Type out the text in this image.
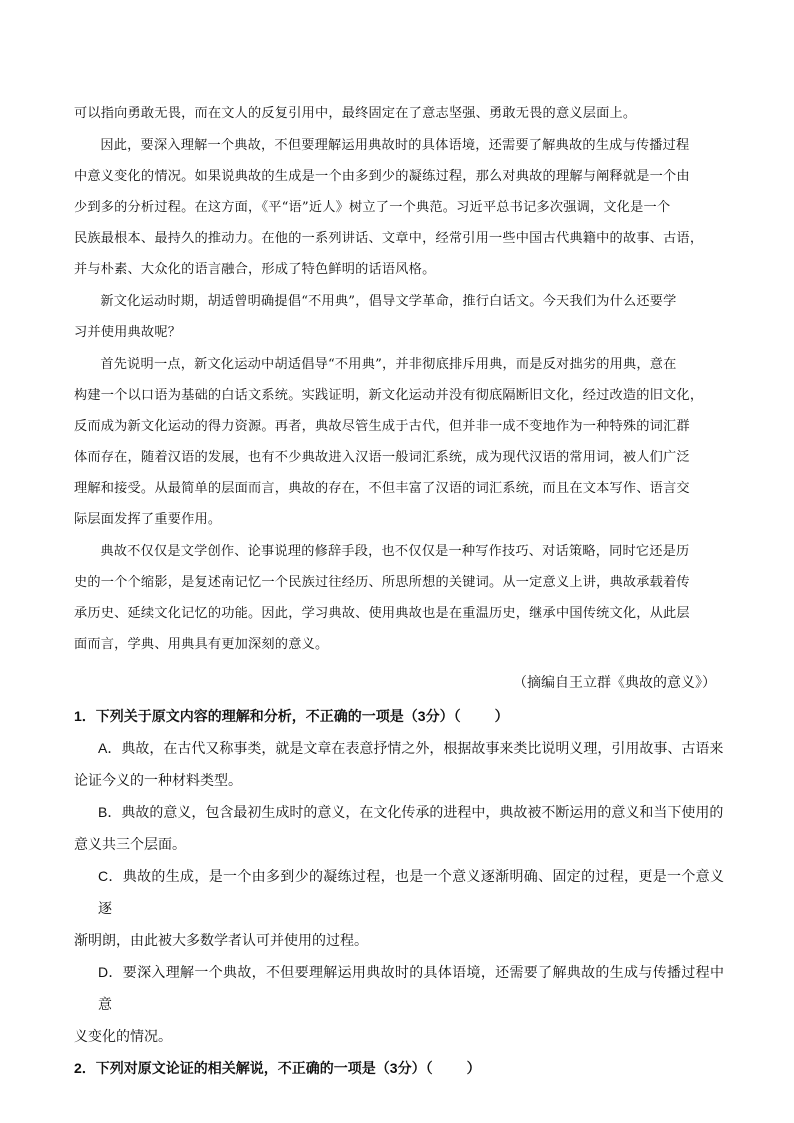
可以指向勇敢无畏，而在文人的反复引用中，最终固定在了意志坚强、勇敢无畏的意义层面上。

因此，要深入理解一个典故，不但要理解运用典故时的具体语境，还需要了解典故的生成与传播过程
中意义变化的情况。如果说典故的生成是一个由多到少的凝练过程，那么对典故的理解与阐释就是一个由
少到多的分析过程。在这方面，《平“语”近人》树立了一个典范。习近平总书记多次强调，文化是一个
民族最根本、最持久的推动力。在他的一系列讲话、文章中，经常引用一些中国古代典籍中的故事、古语，
并与朴素、大众化的语言融合，形成了特色鲜明的话语风格。

新文化运动时期，胡适曾明确提倡“不用典”，倡导文学革命，推行白话文。今天我们为什么还要学
习并使用典故呢？

首先说明一点，新文化运动中胡适倡导“不用典”，并非彻底排斥用典，而是反对拙劣的用典，意在
构建一个以口语为基础的白话文系统。实践证明，新文化运动并没有彻底隔断旧文化，经过改造的旧文化，
反而成为新文化运动的得力资源。再者，典故尽管生成于古代，但并非一成不变地作为一种特殊的词汇群
体而存在，随着汉语的发展，也有不少典故进入汉语一般词汇系统，成为现代汉语的常用词，被人们广泛
理解和接受。从最简单的层面而言，典故的存在，不但丰富了汉语的词汇系统，而且在文本写作、语言交
际层面发挥了重要作用。

典故不仅仅是文学创作、论事说理的修辞手段，也不仅仅是一种写作技巧、对话策略，同时它还是历
史的一个个缩影，是复述南记忆一个民族过往经历、所思所想的关键词。从一定意义上讲，典故承载着传
承历史、延续文化记忆的功能。因此，学习典故、使用典故也是在重温历史，继承中国传统文化，从此层
面而言，学典、用典具有更加深刻的意义。

（摘编自王立群《典故的意义》）

1．下列关于原文内容的理解和分析，不正确的一项是（3分）（ ）

A．典故，在古代又称事类，就是文章在表意抒情之外，根据故事来类比说明义理，引用故事、古语来
论证今义的一种材料类型。

B．典故的意义，包含最初生成时的意义，在文化传承的进程中，典故被不断运用的意义和当下使用的
意义共三个层面。

C．典故的生成，是一个由多到少的凝练过程，也是一个意义逐渐明确、固定的过程，更是一个意义逐
渐明朗，由此被大多数学者认可并使用的过程。

D．要深入理解一个典故，不但要理解运用典故时的具体语境，还需要了解典故的生成与传播过程中意
义变化的情况。

2．下列对原文论证的相关解说，不正确的一项是（3分）（ ）
